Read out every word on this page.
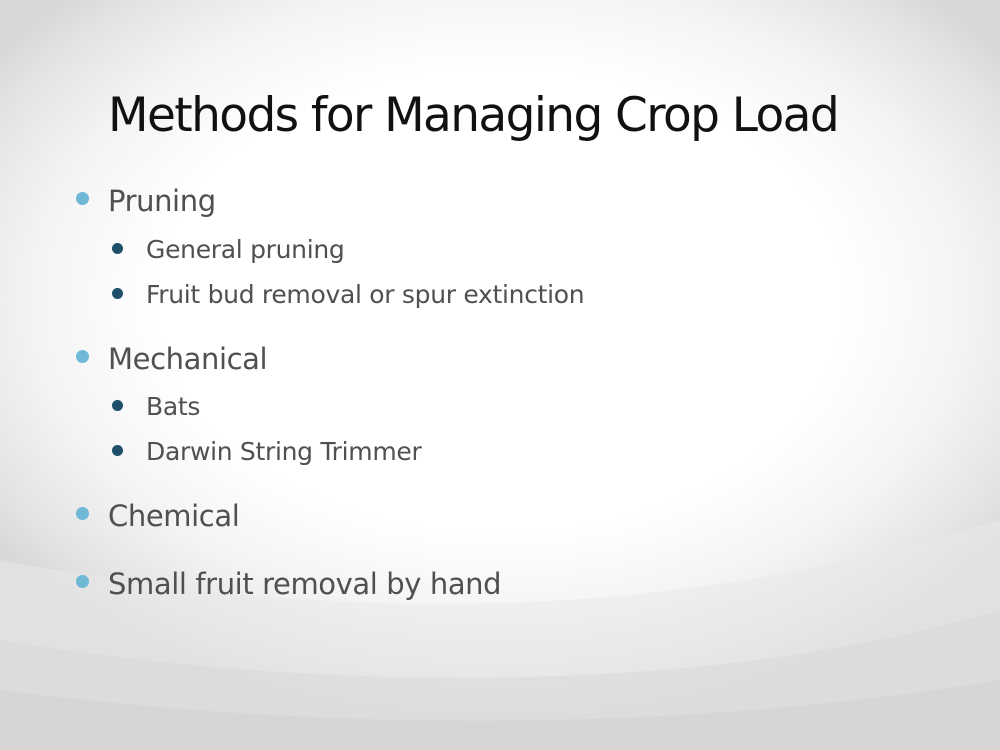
Methods for Managing Crop Load
Pruning
General pruning
Fruit bud removal or spur extinction
Mechanical
Bats
Darwin String Trimmer
Chemical
Small fruit removal by hand
